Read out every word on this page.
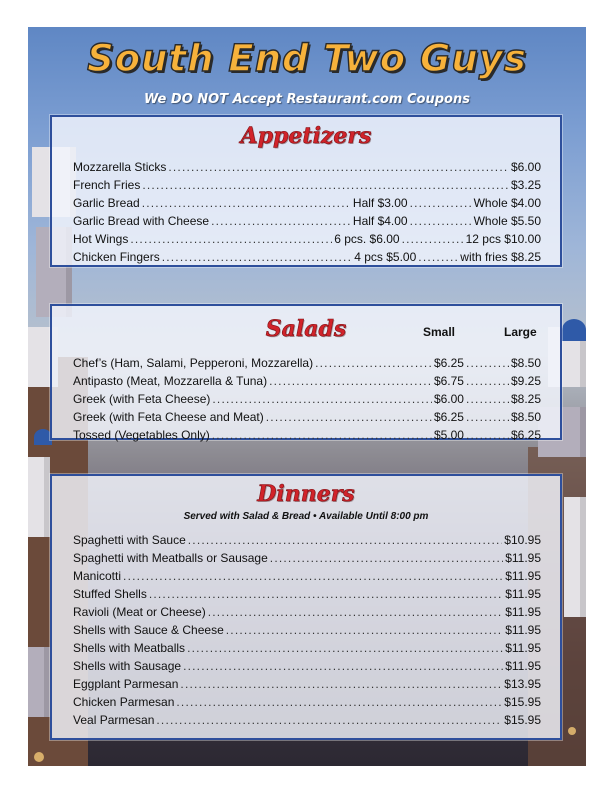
South End Two Guys
We DO NOT Accept Restaurant.com Coupons
Appetizers
Mozzarella Sticks .....	$6.00
French Fries .....	$3.25
Garlic Bread .....	Half $3.00 .....	Whole $4.00
Garlic Bread with Cheese .....	Half $4.00 .....	Whole $5.50
Hot Wings .....	6 pcs. $6.00 .....	12 pcs $10.00
Chicken Fingers .....	4 pcs $5.00 .....	with fries $8.25
Salads	Small	Large
Chef’s (Ham, Salami, Pepperoni, Mozzarella) .....	$6.25 .....	$8.50
Antipasto (Meat, Mozzarella & Tuna) .....	$6.75 .....	$9.25
Greek (with Feta Cheese) .....	$6.00 .....	$8.25
Greek (with Feta Cheese and Meat) .....	$6.25 .....	$8.50
Tossed (Vegetables Only) .....	$5.00 .....	$6.25
Dinners
Served with Salad & Bread • Available Until 8:00 pm
Spaghetti with Sauce .....	$10.95
Spaghetti with Meatballs or Sausage .....	$11.95
Manicotti .....	$11.95
Stuffed Shells .....	$11.95
Ravioli (Meat or Cheese) .....	$11.95
Shells with Sauce & Cheese .....	$11.95
Shells with Meatballs .....	$11.95
Shells with Sausage .....	$11.95
Eggplant Parmesan .....	$13.95
Chicken Parmesan .....	$15.95
Veal Parmesan .....	$15.95
